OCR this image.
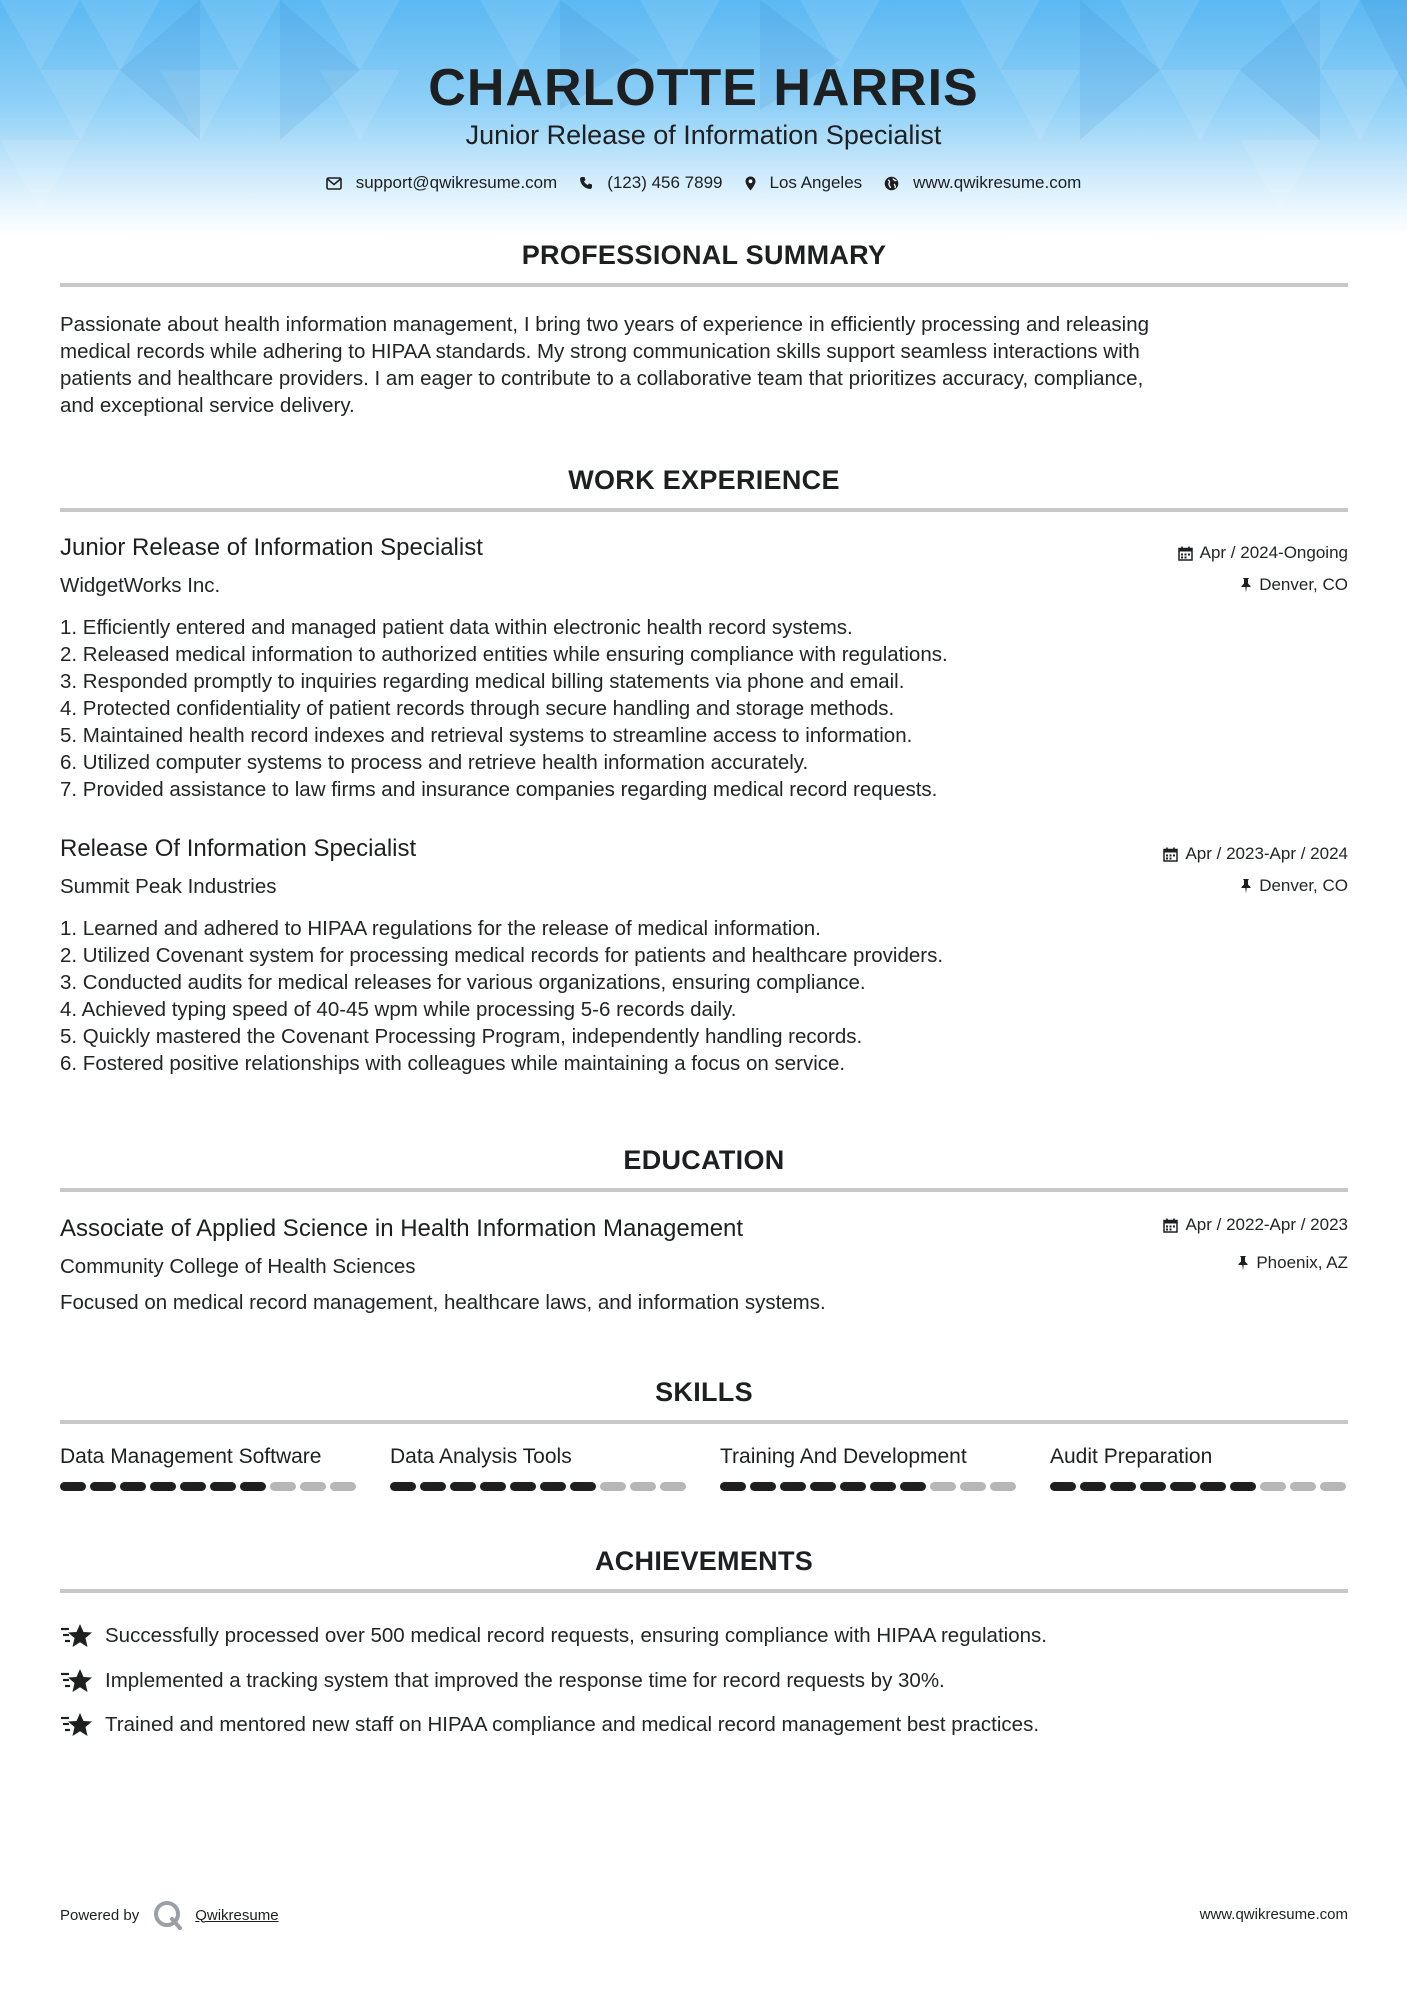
CHARLOTTE HARRIS
Junior Release of Information Specialist
support@qwikresume.com	(123) 456 7899	Los Angeles	www.qwikresume.com
PROFESSIONAL SUMMARY
Passionate about health information management, I bring two years of experience in efficiently processing and releasing
medical records while adhering to HIPAA standards. My strong communication skills support seamless interactions with
patients and healthcare providers. I am eager to contribute to a collaborative team that prioritizes accuracy, compliance,
and exceptional service delivery.
WORK EXPERIENCE
Junior Release of Information Specialist	Apr / 2024-Ongoing
WidgetWorks Inc.	Denver, CO
1. Efficiently entered and managed patient data within electronic health record systems.
2. Released medical information to authorized entities while ensuring compliance with regulations.
3. Responded promptly to inquiries regarding medical billing statements via phone and email.
4. Protected confidentiality of patient records through secure handling and storage methods.
5. Maintained health record indexes and retrieval systems to streamline access to information.
6. Utilized computer systems to process and retrieve health information accurately.
7. Provided assistance to law firms and insurance companies regarding medical record requests.
Release Of Information Specialist	Apr / 2023-Apr / 2024
Summit Peak Industries	Denver, CO
1. Learned and adhered to HIPAA regulations for the release of medical information.
2. Utilized Covenant system for processing medical records for patients and healthcare providers.
3. Conducted audits for medical releases for various organizations, ensuring compliance.
4. Achieved typing speed of 40-45 wpm while processing 5-6 records daily.
5. Quickly mastered the Covenant Processing Program, independently handling records.
6. Fostered positive relationships with colleagues while maintaining a focus on service.
EDUCATION
Associate of Applied Science in Health Information Management	Apr / 2022-Apr / 2023
Community College of Health Sciences	Phoenix, AZ
Focused on medical record management, healthcare laws, and information systems.
SKILLS
Data Management Software	Data Analysis Tools	Training And Development	Audit Preparation
ACHIEVEMENTS
Successfully processed over 500 medical record requests, ensuring compliance with HIPAA regulations.
Implemented a tracking system that improved the response time for record requests by 30%.
Trained and mentored new staff on HIPAA compliance and medical record management best practices.
Powered by	Qwikresume	www.qwikresume.com
